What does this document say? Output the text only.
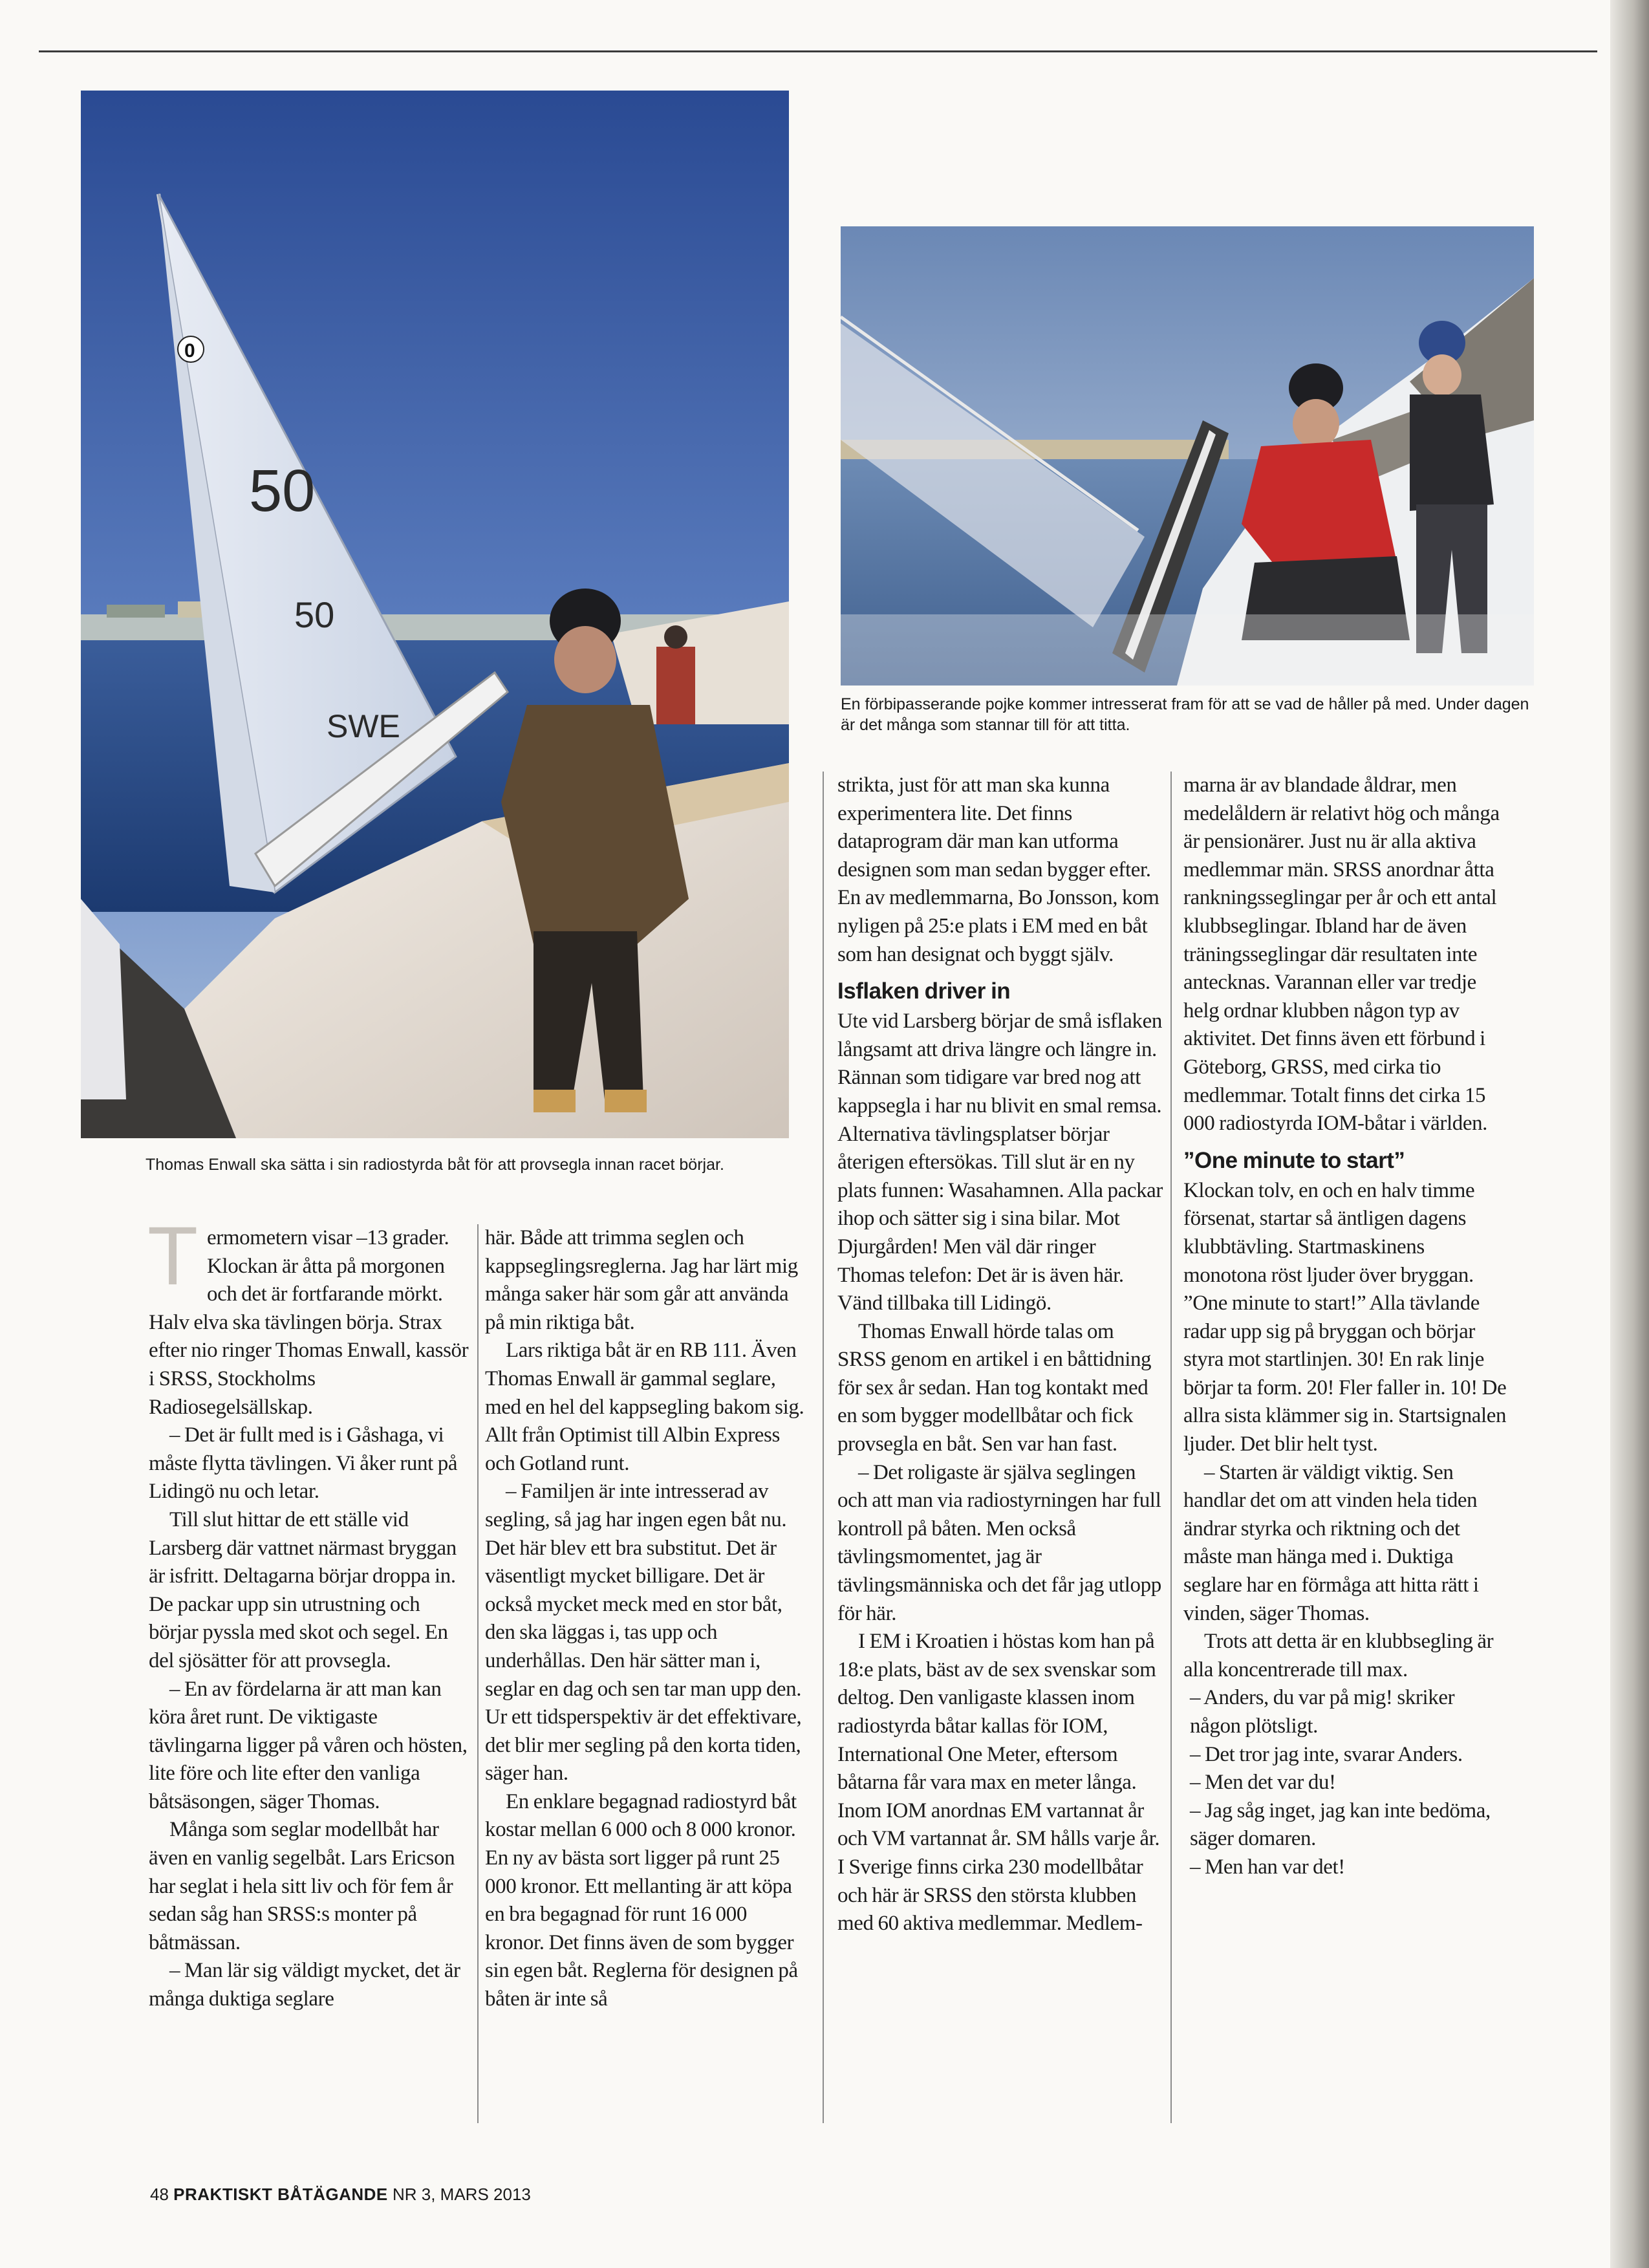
0
50
50
SWE
Thomas Enwall ska sätta i sin radiostyrda båt för att provsegla innan racet börjar.
En förbipasserande pojke kommer intresserat fram för att se vad de håller på med. Under dagen är det många som stannar till för att titta.

T ermometern visar –13 grader. Klockan är åtta på morgonen och det är fortfarande mörkt. Halv elva ska tävlingen börja. Strax efter nio ringer Thomas Enwall, kassör i SRSS, Stockholms Radiosegelsällskap.

– Det är fullt med is i Gåshaga, vi måste flytta tävlingen. Vi åker runt på Lidingö nu och letar.

Till slut hittar de ett ställe vid Larsberg där vattnet närmast bryggan är isfritt. Deltagarna börjar droppa in. De packar upp sin utrustning och börjar pyssla med skot och segel. En del sjösätter för att provsegla.

– En av fördelarna är att man kan köra året runt. De viktigaste tävlingarna ligger på våren och hösten, lite före och lite efter den vanliga båtsäsongen, säger Thomas.

Många som seglar modellbåt har även en vanlig segelbåt. Lars Ericson har seglat i hela sitt liv och för fem år sedan såg han SRSS:s monter på båtmässan.

– Man lär sig väldigt mycket, det är många duktiga seglare

här. Både att trimma seglen och kappseglingsreglerna. Jag har lärt mig många saker här som går att använda på min riktiga båt.

Lars riktiga båt är en RB 111. Även Thomas Enwall är gammal seglare, med en hel del kappsegling bakom sig. Allt från Optimist till Albin Express och Gotland runt.

– Familjen är inte intresserad av segling, så jag har ingen egen båt nu. Det här blev ett bra substitut. Det är väsentligt mycket billigare. Det är också mycket meck med en stor båt, den ska läggas i, tas upp och underhållas. Den här sätter man i, seglar en dag och sen tar man upp den. Ur ett tidsperspektiv är det effektivare, det blir mer segling på den korta tiden, säger han.

En enklare begagnad radiostyrd båt kostar mellan 6 000 och 8 000 kronor. En ny av bästa sort ligger på runt 25 000 kronor. Ett mellanting är att köpa en bra begagnad för runt 16 000 kronor. Det finns även de som bygger sin egen båt. Reglerna för designen på båten är inte så

strikta, just för att man ska kunna experimentera lite. Det finns dataprogram där man kan utforma designen som man sedan bygger efter. En av medlemmarna, Bo Jonsson, kom nyligen på 25:e plats i EM med en båt som han designat och byggt själv.

Isflaken driver in

Ute vid Larsberg börjar de små isflaken långsamt att driva längre och längre in. Rännan som tidigare var bred nog att kappsegla i har nu blivit en smal remsa. Alternativa tävlingsplatser börjar återigen eftersökas. Till slut är en ny plats funnen: Wasahamnen. Alla packar ihop och sätter sig i sina bilar. Mot Djurgården! Men väl där ringer Thomas telefon: Det är is även här. Vänd tillbaka till Lidingö.

Thomas Enwall hörde talas om SRSS genom en artikel i en båttidning för sex år sedan. Han tog kontakt med en som bygger modellbåtar och fick provsegla en båt. Sen var han fast.

– Det roligaste är själva seglingen och att man via radiostyrningen har full kontroll på båten. Men också tävlingsmomentet, jag är tävlingsmänniska och det får jag utlopp för här.

I EM i Kroatien i höstas kom han på 18:e plats, bäst av de sex svenskar som deltog. Den vanligaste klassen inom radiostyrda båtar kallas för IOM, International One Meter, eftersom båtarna får vara max en meter långa. Inom IOM anordnas EM vartannat år och VM vartannat år. SM hålls varje år. I Sverige finns cirka 230 modellbåtar och här är SRSS den största klubben med 60 aktiva medlemmar. Medlem-

marna är av blandade åldrar, men medelåldern är relativt hög och många är pensionärer. Just nu är alla aktiva medlemmar män. SRSS anordnar åtta rankningsseglingar per år och ett antal klubbseglingar. Ibland har de även träningsseglingar där resultaten inte antecknas. Varannan eller var tredje helg ordnar klubben någon typ av aktivitet. Det finns även ett förbund i Göteborg, GRSS, med cirka tio medlemmar. Totalt finns det cirka 15 000 radiostyrda IOM-båtar i världen.

”One minute to start”

Klockan tolv, en och en halv timme försenat, startar så äntligen dagens klubbtävling. Startmaskinens monotona röst ljuder över bryggan. ”One minute to start!” Alla tävlande radar upp sig på bryggan och börjar styra mot startlinjen. 30! En rak linje börjar ta form. 20! Fler faller in. 10! De allra sista klämmer sig in. Startsignalen ljuder. Det blir helt tyst.

– Starten är väldigt viktig. Sen handlar det om att vinden hela tiden ändrar styrka och riktning och det måste man hänga med i. Duktiga seglare har en förmåga att hitta rätt i vinden, säger Thomas.

Trots att detta är en klubbsegling är alla koncentrerade till max.

– Anders, du var på mig! skriker någon plötsligt.

– Det tror jag inte, svarar Anders.

– Men det var du!

– Jag såg inget, jag kan inte bedöma, säger domaren.

– Men han var det!

48 PRAKTISKT BÅTÄGANDE NR 3, MARS 2013
